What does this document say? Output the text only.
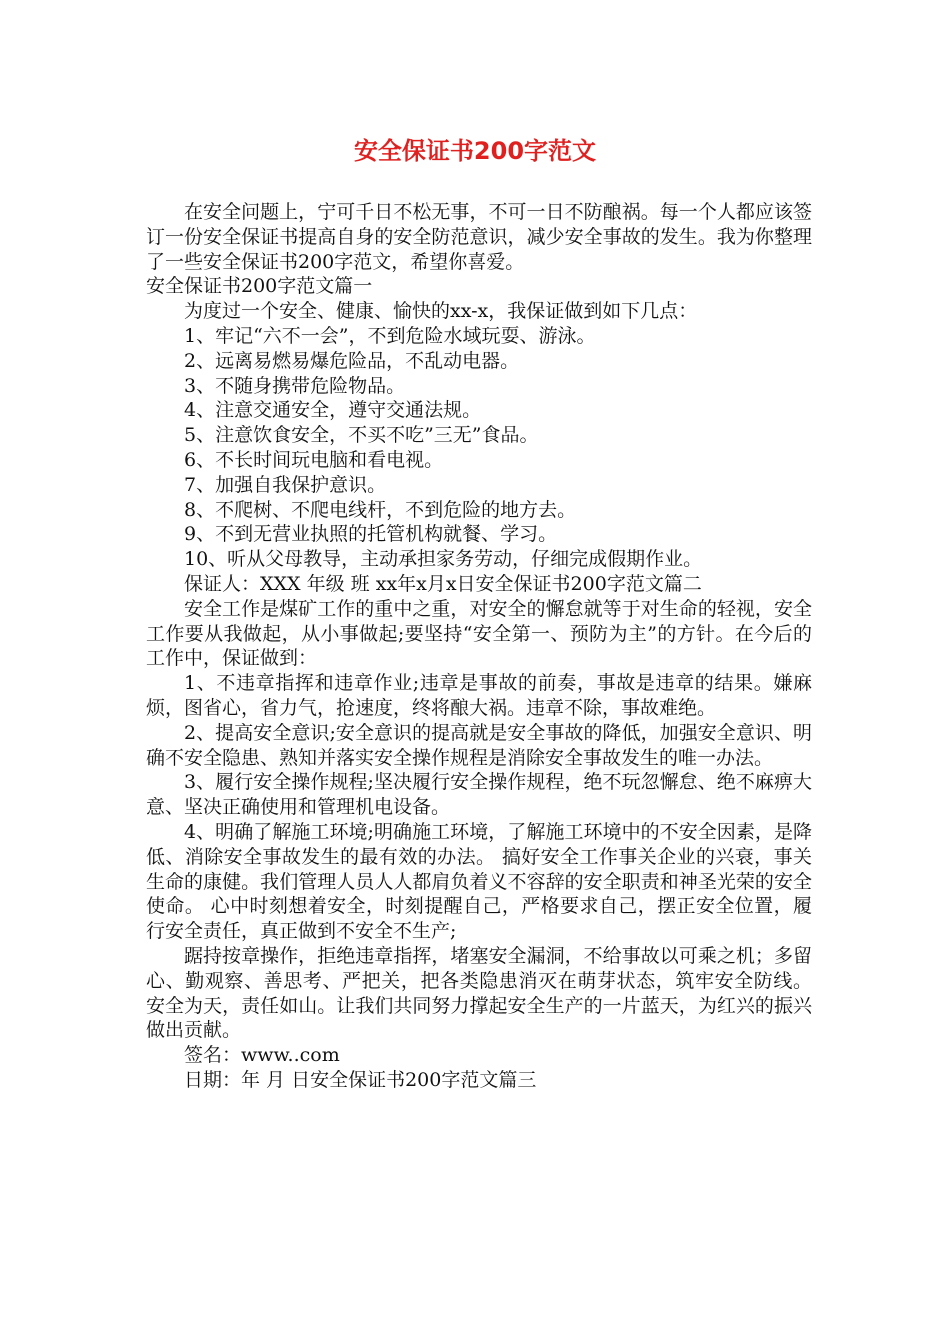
安全保证书200字范文

在安全问题上，宁可千日不松无事，不可一日不防酿祸。每一个人都应该签订一份安全保证书提高自身的安全防范意识，减少安全事故的发生。我为你整理了一些安全保证书200字范文，希望你喜爱。

安全保证书200字范文篇一

为度过一个安全、健康、愉快的xx-x，我保证做到如下几点：

1、牢记“六不一会”，不到危险水域玩耍、游泳。

2、远离易燃易爆危险品，不乱动电器。

3、不随身携带危险物品。

4、注意交通安全，遵守交通法规。

5、注意饮食安全，不买不吃”三无”食品。

6、不长时间玩电脑和看电视。

7、加强自我保护意识。

8、不爬树、不爬电线杆，不到危险的地方去。

9、不到无营业执照的托管机构就餐、学习。

10、听从父母教导，主动承担家务劳动，仔细完成假期作业。

保证人：XXX 年级 班 xx年x月x日安全保证书200字范文篇二

安全工作是煤矿工作的重中之重，对安全的懈怠就等于对生命的轻视，安全工作要从我做起，从小事做起;要坚持“安全第一、预防为主”的方针。在今后的工作中，保证做到：

1、不违章指挥和违章作业;违章是事故的前奏，事故是违章的结果。嫌麻烦，图省心，省力气，抢速度，终将酿大祸。违章不除，事故难绝。

2、提高安全意识;安全意识的提高就是安全事故的降低，加强安全意识、明确不安全隐患、熟知并落实安全操作规程是消除安全事故发生的唯一办法。

3、履行安全操作规程;坚决履行安全操作规程，绝不玩忽懈怠、绝不麻痹大意、坚决正确使用和管理机电设备。

4、明确了解施工环境;明确施工环境，了解施工环境中的不安全因素，是降低、消除安全事故发生的最有效的办法。 搞好安全工作事关企业的兴衰，事关生命的康健。我们管理人员人人都肩负着义不容辞的安全职责和神圣光荣的安全使命。 心中时刻想着安全，时刻提醒自己，严格要求自己，摆正安全位置，履行安全责任，真正做到不安全不生产;

踞持按章操作，拒绝违章指挥，堵塞安全漏洞，不给事故以可乘之机；多留心、勤观察、善思考、严把关，把各类隐患消灭在萌芽状态，筑牢安全防线。 安全为天，责任如山。让我们共同努力撑起安全生产的一片蓝天，为红兴的振兴做出贡献。

签名：www..com

日期：年 月 日安全保证书200字范文篇三
